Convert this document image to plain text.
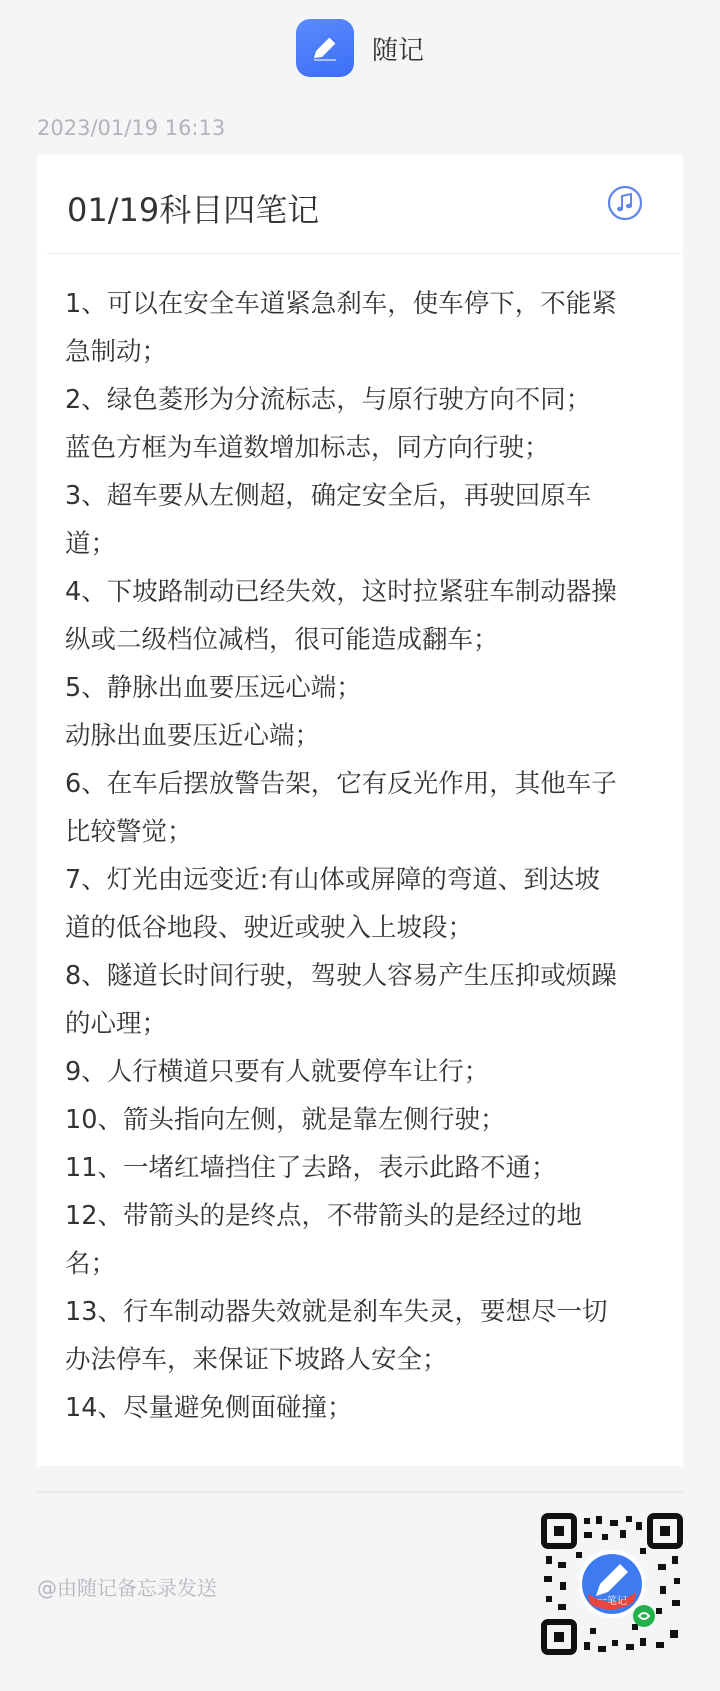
随记
2023/01/19 16:13
01/19科目四笔记
1、可以在安全车道紧急刹车，使车停下，不能紧
急制动；
2、绿色菱形为分流标志，与原行驶方向不同；
蓝色方框为车道数增加标志，同方向行驶；
3、超车要从左侧超，确定安全后，再驶回原车
道；
4、下坡路制动已经失效，这时拉紧驻车制动器操
纵或二级档位减档，很可能造成翻车；
5、静脉出血要压远心端；
动脉出血要压近心端；
6、在车后摆放警告架，它有反光作用，其他车子
比较警觉；
7、灯光由远变近:有山体或屏障的弯道、到达坡
道的低谷地段、驶近或驶入上坡段；
8、隧道长时间行驶，驾驶人容易产生压抑或烦躁
的心理；
9、人行横道只要有人就要停车让行；
10、箭头指向左侧，就是靠左侧行驶；
11、一堵红墙挡住了去路，表示此路不通；
12、带箭头的是终点，不带箭头的是经过的地
名；
13、行车制动器失效就是刹车失灵，要想尽一切
办法停车，来保证下坡路人安全；
14、尽量避免侧面碰撞；
@由随记备忘录发送
一笔记
